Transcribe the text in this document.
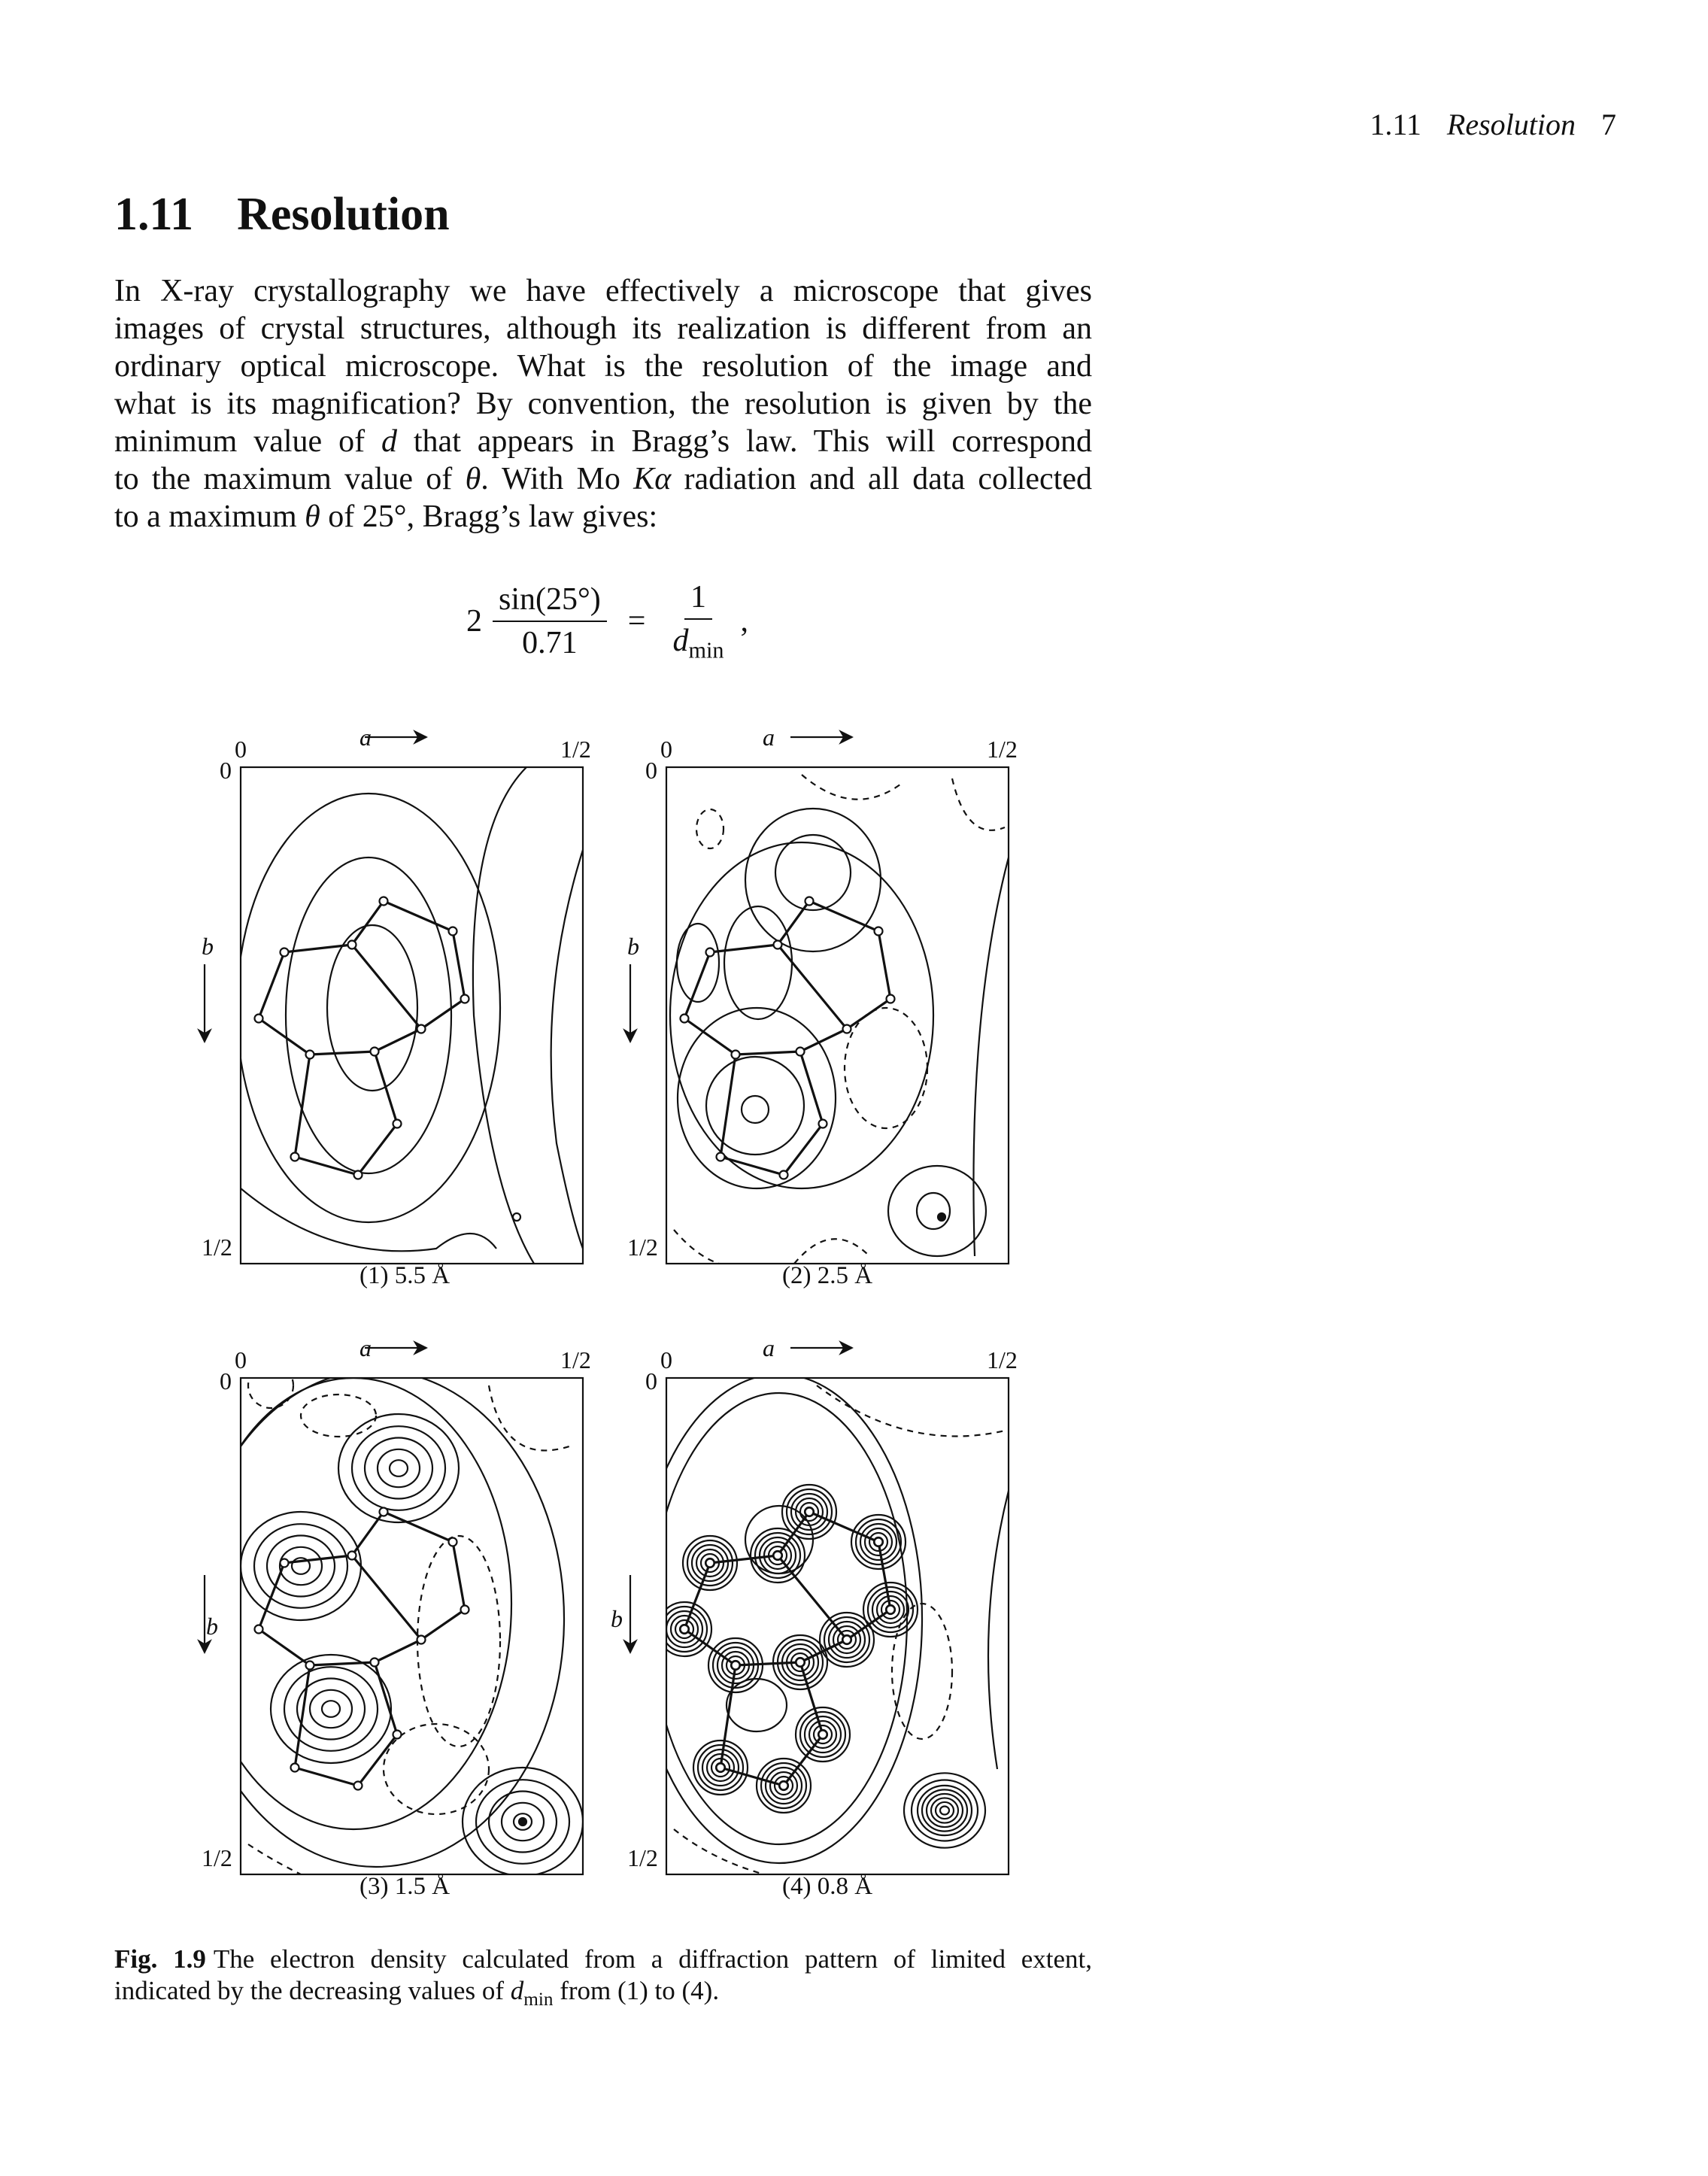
1.11 Resolution 7
1.11 Resolution

In X-ray crystallography we have effectively a microscope that gives
images of crystal structures, although its realization is different from an
ordinary optical microscope. What is the resolution of the image and
what is its magnification? By convention, the resolution is given by the
minimum value of d that appears in Bragg’s law. This will correspond
to the maximum value of θ. With Mo Kα radiation and all data collected
to a maximum θ of 25°, Bragg’s law gives:

$2 \frac{\sin(25^\circ)}{0.71} = \frac{1}{d_{min}}$ ,
(1) 5.5 Å	(2) 2.5 Å
(3) 1.5 Å	(4) 0.8 Å
0
0
1/2
1/2
a
b
0
0
1/2
1/2
a
b
0
0
1/2
1/2
a
b
0
0
1/2
1/2
a
b

Fig. 1.9 The electron density calculated from a diffraction pattern of limited extent,
indicated by the decreasing values of $d_{min}$ from (1) to (4).
